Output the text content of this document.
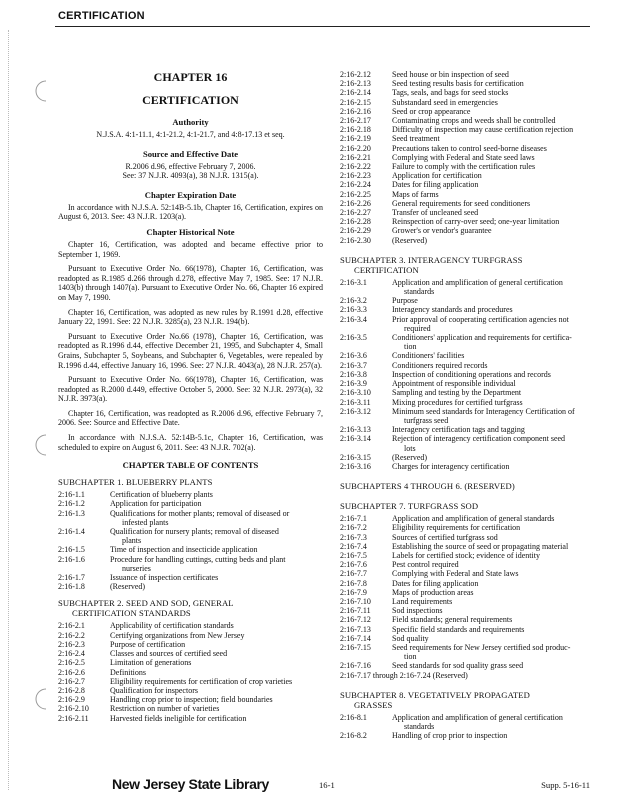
CERTIFICATION
CHAPTER 16
CERTIFICATION
Authority

N.J.S.A. 4:1-11.1, 4:1-21.2, 4:1-21.7, and 4:8-17.13 et seq.

Source and Effective Date

R.2006 d.96, effective February 7, 2006.

See: 37 N.J.R. 4093(a), 38 N.J.R. 1315(a).

Chapter Expiration Date

In accordance with N.J.S.A. 52:14B-5.1b, Chapter 16, Certification, expires on August 6, 2013. See: 43 N.J.R. 1203(a).

Chapter Historical Note

Chapter 16, Certification, was adopted and became effective prior to September 1, 1969.

Pursuant to Executive Order No. 66(1978), Chapter 16, Certification, was readopted as R.1985 d.266 through d.278, effective May 7, 1985. See: 17 N.J.R. 1403(b) through 1407(a). Pursuant to Executive Order No. 66, Chapter 16 expired on May 7, 1990.

Chapter 16, Certification, was adopted as new rules by R.1991 d.28, effective January 22, 1991. See: 22 N.J.R. 3285(a), 23 N.J.R. 194(b).

Pursuant to Executive Order No.66 (1978), Chapter 16, Certification, was readopted as R.1996 d.44, effective December 21, 1995, and Subchapter 4, Small Grains, Subchapter 5, Soybeans, and Subchapter 6, Vegetables, were repealed by R.1996 d.44, effective January 16, 1996. See: 27 N.J.R. 4043(a), 28 N.J.R. 257(a).

Pursuant to Executive Order No. 66(1978), Chapter 16, Certification, was readopted as R.2000 d.449, effective October 5, 2000. See: 32 N.J.R. 2973(a), 32 N.J.R. 3973(a).

Chapter 16, Certification, was readopted as R.2006 d.96, effective February 7, 2006. See: Source and Effective Date.

In accordance with N.J.S.A. 52:14B-5.1c, Chapter 16, Certification, was scheduled to expire on August 6, 2011. See: 43 N.J.R. 702(a).

CHAPTER TABLE OF CONTENTS
SUBCHAPTER 1. BLUEBERRY PLANTS
2:16-1.1	Certification of blueberry plants
2:16-1.2	Application for participation
2:16-1.3	Qualifications for mother plants; removal of diseased or
infested plants
2:16-1.4	Qualification for nursery plants; removal of diseased
plants
2:16-1.5	Time of inspection and insecticide application
2:16-1.6	Procedure for handling cuttings, cutting beds and plant
nurseries
2:16-1.7	Issuance of inspection certificates
2:16-1.8	(Reserved)
SUBCHAPTER 2. SEED AND SOD, GENERAL
CERTIFICATION STANDARDS
2:16-2.1	Applicability of certification standards
2:16-2.2	Certifying organizations from New Jersey
2:16-2.3	Purpose of certification
2:16-2.4	Classes and sources of certified seed
2:16-2.5	Limitation of generations
2:16-2.6	Definitions
2:16-2.7	Eligibility requirements for certification of crop varieties
2:16-2.8	Qualification for inspectors
2:16-2.9	Handling crop prior to inspection; field boundaries
2:16-2.10	Restriction on number of varieties
2:16-2.11	Harvested fields ineligible for certification
2:16-2.12	Seed house or bin inspection of seed
2:16-2.13	Seed testing results basis for certification
2:16-2.14	Tags, seals, and bags for seed stocks
2:16-2.15	Substandard seed in emergencies
2:16-2.16	Seed or crop appearance
2:16-2.17	Contaminating crops and weeds shall be controlled
2:16-2.18	Difficulty of inspection may cause certification rejection
2:16-2.19	Seed treatment
2:16-2.20	Precautions taken to control seed-borne diseases
2:16-2.21	Complying with Federal and State seed laws
2:16-2.22	Failure to comply with the certification rules
2:16-2.23	Application for certification
2:16-2.24	Dates for filing application
2:16-2.25	Maps of farms
2:16-2.26	General requirements for seed conditioners
2:16-2.27	Transfer of uncleaned seed
2:16-2.28	Reinspection of carry-over seed; one-year limitation
2:16-2.29	Grower's or vendor's guarantee
2:16-2.30	(Reserved)
SUBCHAPTER 3. INTERAGENCY TURFGRASS
CERTIFICATION
2:16-3.1	Application and amplification of general certification
standards
2:16-3.2	Purpose
2:16-3.3	Interagency standards and procedures
2:16-3.4	Prior approval of cooperating certification agencies not
required
2:16-3.5	Conditioners' application and requirements for certifica-
tion
2:16-3.6	Conditioners' facilities
2:16-3.7	Conditioners required records
2:16-3.8	Inspection of conditioning operations and records
2:16-3.9	Appointment of responsible individual
2:16-3.10	Sampling and testing by the Department
2:16-3.11	Mixing procedures for certified turfgrass
2:16-3.12	Minimum seed standards for Interagency Certification of
turfgrass seed
2:16-3.13	Interagency certification tags and tagging
2:16-3.14	Rejection of interagency certification component seed
lots
2:16-3.15	(Reserved)
2:16-3.16	Charges for interagency certification
SUBCHAPTERS 4 THROUGH 6. (RESERVED)
SUBCHAPTER 7. TURFGRASS SOD
2:16-7.1	Application and amplification of general standards
2:16-7.2	Eligibility requirements for certification
2:16-7.3	Sources of certified turfgrass sod
2:16-7.4	Establishing the source of seed or propagating material
2:16-7.5	Labels for certified stock; evidence of identity
2:16-7.6	Pest control required
2:16-7.7	Complying with Federal and State laws
2:16-7.8	Dates for filing application
2:16-7.9	Maps of production areas
2:16-7.10	Land requirements
2:16-7.11	Sod inspections
2:16-7.12	Field standards; general requirements
2:16-7.13	Specific field standards and requirements
2:16-7.14	Sod quality
2:16-7.15	Seed requirements for New Jersey certified sod produc-
tion
2:16-7.16	Seed standards for sod quality grass seed
2:16-7.17 through 2:16-7.24 (Reserved)
SUBCHAPTER 8. VEGETATIVELY PROPAGATED
GRASSES
2:16-8.1	Application and amplification of general certification
standards
2:16-8.2	Handling of crop prior to inspection
New Jersey State Library	16-1	Supp. 5-16-11
